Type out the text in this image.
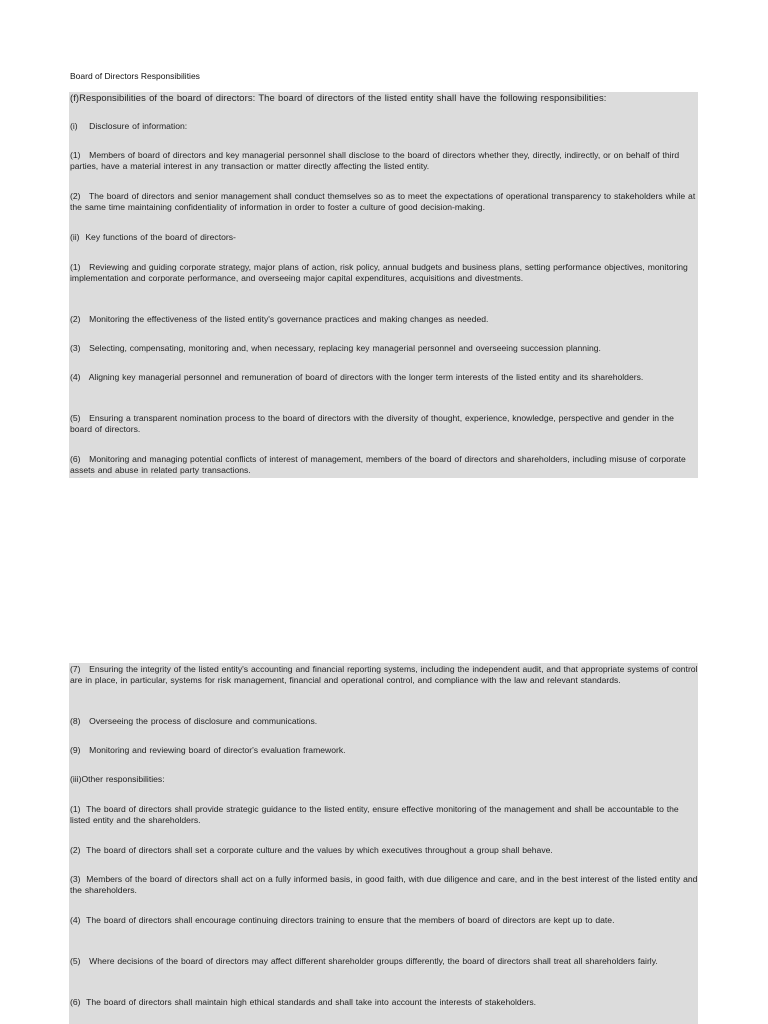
Board of Directors Responsibilities
(f)Responsibilities of the board of directors: The board of directors of the listed entity shall have the following responsibilities:
(i)    Disclosure of information:
(1)   Members of board of directors and key managerial personnel shall disclose to the board of directors whether they, directly, indirectly, or on behalf of third parties, have a material interest in any transaction or matter directly affecting the listed entity.
(2)   The board of directors and senior management shall conduct themselves so as to meet the expectations of operational transparency to stakeholders while at the same time maintaining confidentiality of information in order to foster a culture of good decision-making.
(ii)  Key functions of the board of directors-
(1)   Reviewing and guiding corporate strategy, major plans of action, risk policy, annual budgets and business plans, setting performance objectives, monitoring implementation and corporate performance, and overseeing major capital expenditures, acquisitions and divestments.
(2)   Monitoring the effectiveness of the listed entity's governance practices and making changes as needed.
(3)   Selecting, compensating, monitoring and, when necessary, replacing key managerial personnel and overseeing succession planning.
(4)   Aligning key managerial personnel and remuneration of board of directors with the longer term interests of the listed entity and its shareholders.
(5)   Ensuring a transparent nomination process to the board of directors with the diversity of thought, experience, knowledge, perspective and gender in the board of directors.
(6)   Monitoring and managing potential conflicts of interest of management, members of the board of directors and shareholders, including misuse of corporate assets and abuse in related party transactions.
(7)   Ensuring the integrity of the listed entity's accounting and financial reporting systems, including the independent audit, and that appropriate systems of control are in place, in particular, systems for risk management, financial and operational control, and compliance with the law and relevant standards.
(8)   Overseeing the process of disclosure and communications.
(9)   Monitoring and reviewing board of director's evaluation framework.
(iii)Other responsibilities:
(1)  The board of directors shall provide strategic guidance to the listed entity, ensure effective monitoring of the management and shall be accountable to the listed entity and the shareholders.
(2)  The board of directors shall set a corporate culture and the values by which executives throughout a group shall behave.
(3)  Members of the board of directors shall act on a fully informed basis, in good faith, with due diligence and care, and in the best interest of the listed entity and the shareholders.
(4)  The board of directors shall encourage continuing directors training to ensure that the members of board of directors are kept up to date.
(5)   Where decisions of the board of directors may affect different shareholder groups differently, the board of directors shall treat all shareholders fairly.
(6)  The board of directors shall maintain high ethical standards and shall take into account the interests of stakeholders.
